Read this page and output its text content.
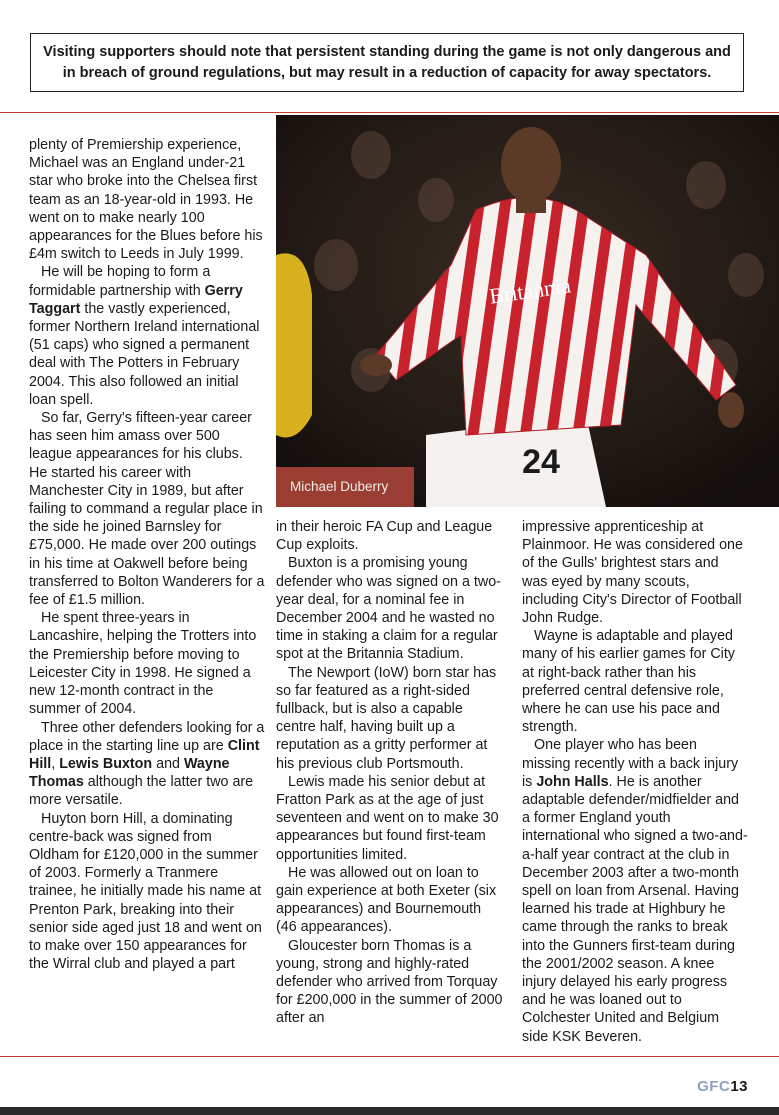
Visiting supporters should note that persistent standing during the game is not only dangerous and in breach of ground regulations, but may result in a reduction of capacity for away spectators.
Britannia
24
Michael Duberry

plenty of Premiership experience, Michael was an England under-21 star who broke into the Chelsea first team as an 18-year-old in 1993. He went on to make nearly 100 appearances for the Blues before his £4m switch to Leeds in July 1999.

He will be hoping to form a formidable partnership with Gerry Taggart the vastly experienced, former Northern Ireland international (51 caps) who signed a permanent deal with The Potters in February 2004. This also followed an initial loan spell.

So far, Gerry's fifteen-year career has seen him amass over 500 league appearances for his clubs. He started his career with Manchester City in 1989, but after failing to command a regular place in the side he joined Barnsley for £75,000. He made over 200 outings in his time at Oakwell before being transferred to Bolton Wanderers for a fee of £1.5 million.

He spent three-years in Lancashire, helping the Trotters into the Premiership before moving to Leicester City in 1998. He signed a new 12-month contract in the summer of 2004.

Three other defenders looking for a place in the starting line up are Clint Hill, Lewis Buxton and Wayne Thomas although the latter two are more versatile.

Huyton born Hill, a dominating centre-back was signed from Oldham for £120,000 in the summer of 2003. Formerly a Tranmere trainee, he initially made his name at Prenton Park, breaking into their senior side aged just 18 and went on to make over 150 appearances for the Wirral club and played a part

in their heroic FA Cup and League Cup exploits.

Buxton is a promising young defender who was signed on a two-year deal, for a nominal fee in December 2004 and he wasted no time in staking a claim for a regular spot at the Britannia Stadium.

The Newport (IoW) born star has so far featured as a right-sided fullback, but is also a capable centre half, having built up a reputation as a gritty performer at his previous club Portsmouth.

Lewis made his senior debut at Fratton Park as at the age of just seventeen and went on to make 30 appearances but found first-team opportunities limited.

He was allowed out on loan to gain experience at both Exeter (six appearances) and Bournemouth (46 appearances).

Gloucester born Thomas is a young, strong and highly-rated defender who arrived from Torquay for £200,000 in the summer of 2000 after an

impressive apprenticeship at Plainmoor. He was considered one of the Gulls' brightest stars and was eyed by many scouts, including City's Director of Football John Rudge.

Wayne is adaptable and played many of his earlier games for City at right-back rather than his preferred central defensive role, where he can use his pace and strength.

One player who has been missing recently with a back injury is John Halls. He is another adaptable defender/midfielder and a former England youth international who signed a two-and-a-half year contract at the club in December 2003 after a two-month spell on loan from Arsenal. Having learned his trade at Highbury he came through the ranks to break into the Gunners first-team during the 2001/2002 season. A knee injury delayed his early progress and he was loaned out to Colchester United and Belgium side KSK Beveren.

GFC13
